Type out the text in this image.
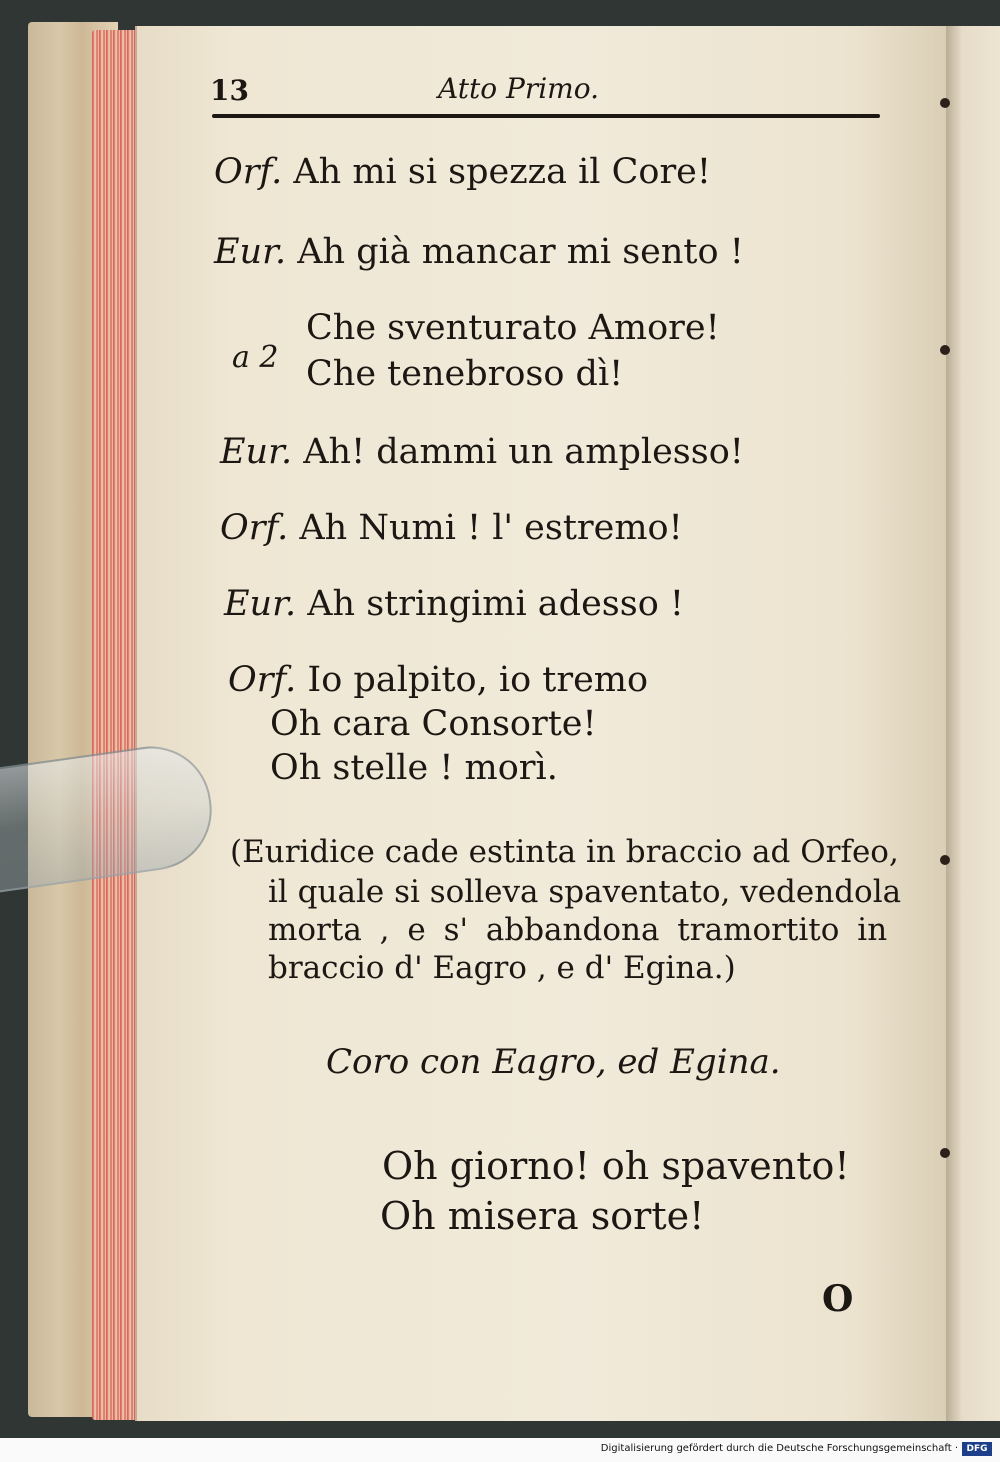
13	Atto Primo.
Orf. Ah mi si spezza il Core!
Eur. Ah già mancar mi sento !
a 2
Che sventurato Amore!
Che tenebroso dì!
Eur. Ah! dammi un amplesso!
Orf. Ah Numi ! l' estremo!
Eur. Ah stringimi adesso !
Orf. Io palpito, io tremo
Oh cara Consorte!
Oh stelle ! morì.
(Euridice cade estinta in braccio ad Orfeo,
il quale si solleva spaventato, vedendola
morta , e s' abbandona tramortito in
braccio d' Eagro , e d' Egina.)
Coro con Eagro, ed Egina.
Oh giorno! oh spavento!
Oh misera sorte!
O
Digitalisierung gefördert durch die Deutsche Forschungsgemeinschaft · DFG
